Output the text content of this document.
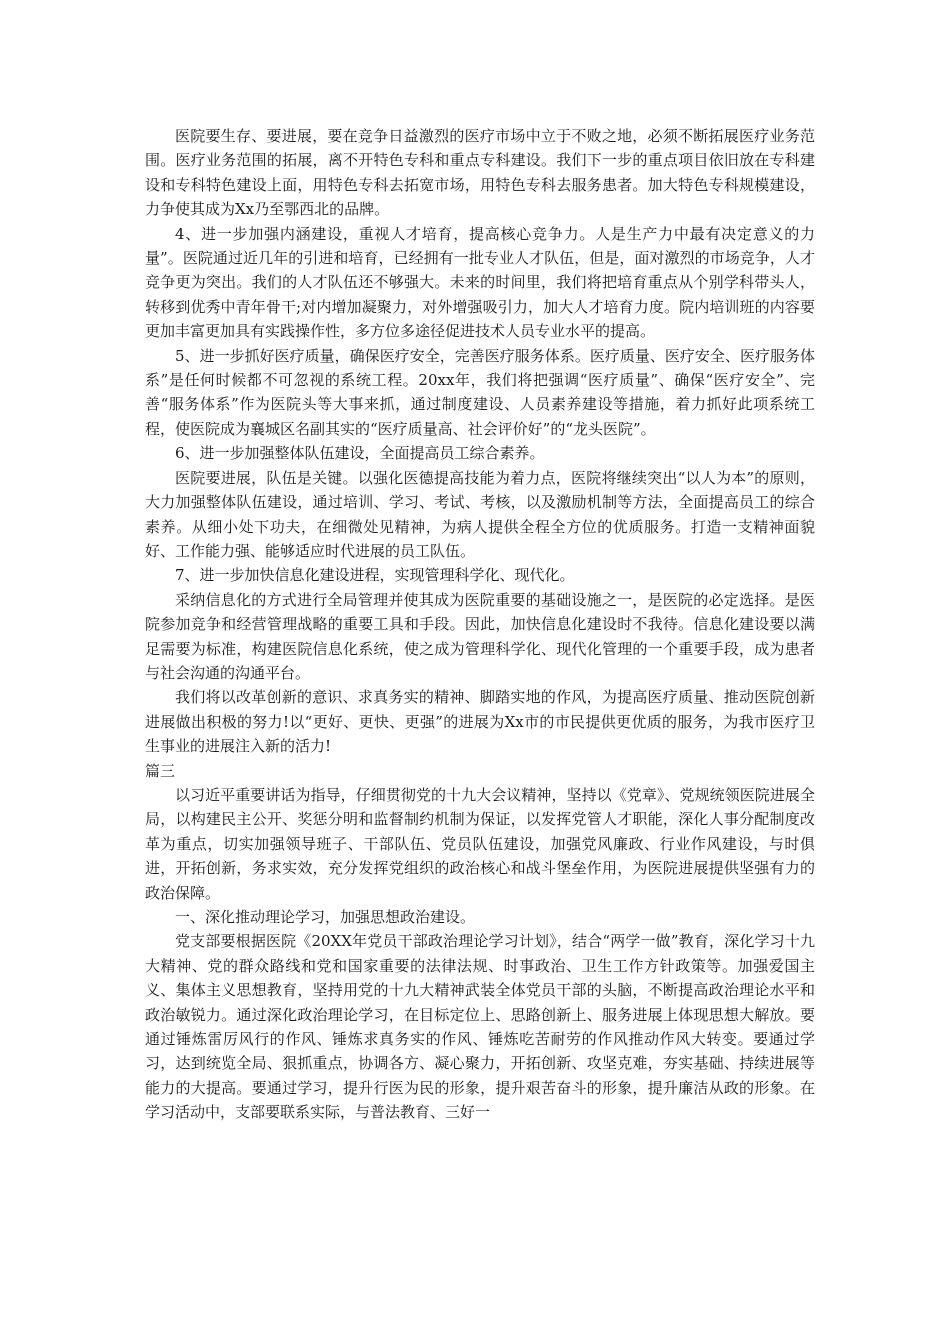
医院要生存、要进展，要在竞争日益激烈的医疗市场中立于不败之地，必须不断拓展医疗业务范围。医疗业务范围的拓展，离不开特色专科和重点专科建设。我们下一步的重点项目依旧放在专科建设和专科特色建设上面，用特色专科去拓宽市场，用特色专科去服务患者。加大特色专科规模建设，力争使其成为Xx乃至鄂西北的品牌。

4、进一步加强内涵建设，重视人才培育，提高核心竞争力。人是生产力中最有决定意义的力量”。医院通过近几年的引进和培育，已经拥有一批专业人才队伍，但是，面对激烈的市场竞争，人才竞争更为突出。我们的人才队伍还不够强大。未来的时间里，我们将把培育重点从个别学科带头人，转移到优秀中青年骨干;对内增加凝聚力，对外增强吸引力，加大人才培育力度。院内培训班的内容要更加丰富更加具有实践操作性，多方位多途径促进技术人员专业水平的提高。

5、进一步抓好医疗质量，确保医疗安全，完善医疗服务体系。医疗质量、医疗安全、医疗服务体系”是任何时候都不可忽视的系统工程。20xx年，我们将把强调“医疗质量”、确保“医疗安全”、完善“服务体系”作为医院头等大事来抓，通过制度建设、人员素养建设等措施，着力抓好此项系统工程，使医院成为襄城区名副其实的“医疗质量高、社会评价好”的“龙头医院”。

6、进一步加强整体队伍建设，全面提高员工综合素养。

医院要进展，队伍是关键。以强化医德提高技能为着力点，医院将继续突出“以人为本”的原则，大力加强整体队伍建设，通过培训、学习、考试、考核，以及激励机制等方法，全面提高员工的综合素养。从细小处下功夫，在细微处见精神，为病人提供全程全方位的优质服务。打造一支精神面貌好、工作能力强、能够适应时代进展的员工队伍。

7、进一步加快信息化建设进程，实现管理科学化、现代化。

采纳信息化的方式进行全局管理并使其成为医院重要的基础设施之一，是医院的必定选择。是医院参加竞争和经营管理战略的重要工具和手段。因此，加快信息化建设时不我待。信息化建设要以满足需要为标准，构建医院信息化系统，使之成为管理科学化、现代化管理的一个重要手段，成为患者与社会沟通的沟通平台。

我们将以改革创新的意识、求真务实的精神、脚踏实地的作风，为提高医疗质量、推动医院创新进展做出积极的努力!以“更好、更快、更强”的进展为Xx市的市民提供更优质的服务，为我市医疗卫生事业的进展注入新的活力!

篇三

以习近平重要讲话为指导，仔细贯彻党的十九大会议精神，坚持以《党章》、党规统领医院进展全局，以构建民主公开、奖惩分明和监督制约机制为保证，以发挥党管人才职能，深化人事分配制度改革为重点，切实加强领导班子、干部队伍、党员队伍建设，加强党风廉政、行业作风建设，与时俱进，开拓创新，务求实效，充分发挥党组织的政治核心和战斗堡垒作用，为医院进展提供坚强有力的政治保障。

一、深化推动理论学习，加强思想政治建设。

党支部要根据医院《20XX年党员干部政治理论学习计划》，结合“两学一做”教育，深化学习十九大精神、党的群众路线和党和国家重要的法律法规、时事政治、卫生工作方针政策等。加强爱国主义、集体主义思想教育，坚持用党的十九大精神武装全体党员干部的头脑，不断提高政治理论水平和政治敏锐力。通过深化政治理论学习，在目标定位上、思路创新上、服务进展上体现思想大解放。要通过锤炼雷厉风行的作风、锤炼求真务实的作风、锤炼吃苦耐劳的作风推动作风大转变。要通过学习，达到统览全局、狠抓重点，协调各方、凝心聚力，开拓创新、攻坚克难，夯实基础、持续进展等能力的大提高。要通过学习，提升行医为民的形象，提升艰苦奋斗的形象，提升廉洁从政的形象。在学习活动中，支部要联系实际，与普法教育、三好一
